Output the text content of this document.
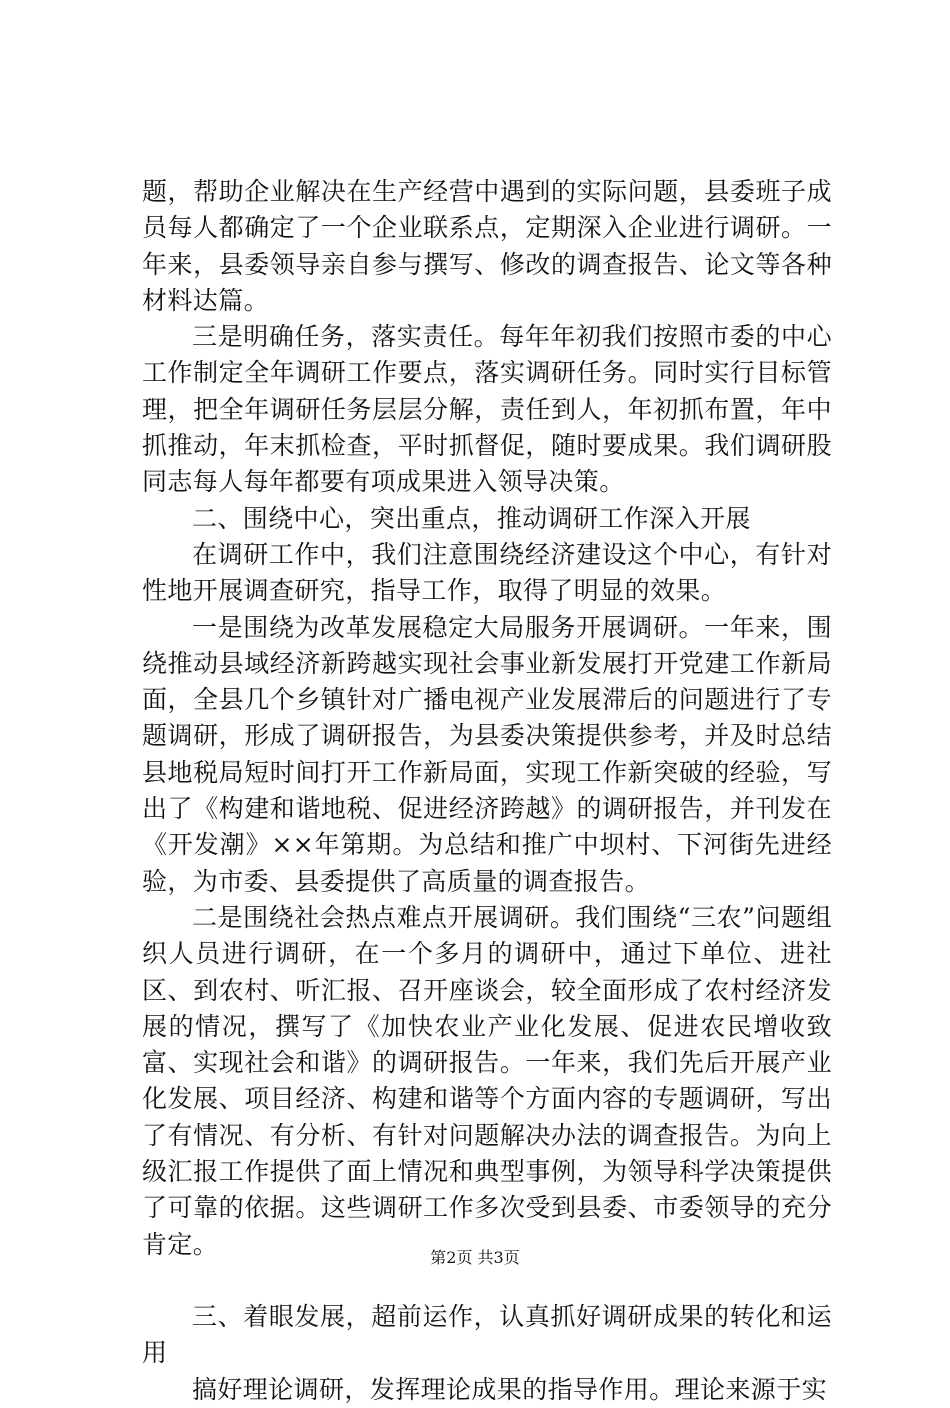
题，帮助企业解决在生产经营中遇到的实际问题，县委班子成员每人都确定了一个企业联系点，定期深入企业进行调研。一年来，县委领导亲自参与撰写、修改的调查报告、论文等各种材料达篇。

三是明确任务，落实责任。每年年初我们按照市委的中心工作制定全年调研工作要点，落实调研任务。同时实行目标管理，把全年调研任务层层分解，责任到人，年初抓布置，年中抓推动，年末抓检查，平时抓督促，随时要成果。我们调研股同志每人每年都要有项成果进入领导决策。

二、围绕中心，突出重点，推动调研工作深入开展

在调研工作中，我们注意围绕经济建设这个中心，有针对性地开展调查研究，指导工作，取得了明显的效果。

一是围绕为改革发展稳定大局服务开展调研。一年来，围绕推动县域经济新跨越实现社会事业新发展打开党建工作新局面，全县几个乡镇针对广播电视产业发展滞后的问题进行了专题调研，形成了调研报告，为县委决策提供参考，并及时总结县地税局短时间打开工作新局面，实现工作新突破的经验，写出了《构建和谐地税、促进经济跨越》的调研报告，并刊发在《开发潮》××年第期。为总结和推广中坝村、下河街先进经验，为市委、县委提供了高质量的调查报告。

二是围绕社会热点难点开展调研。我们围绕“三农”问题组织人员进行调研，在一个多月的调研中，通过下单位、进社区、到农村、听汇报、召开座谈会，较全面形成了农村经济发展的情况，撰写了《加快农业产业化发展、促进农民增收致富、实现社会和谐》的调研报告。一年来，我们先后开展产业化发展、项目经济、构建和谐等个方面内容的专题调研，写出了有情况、有分析、有针对问题解决办法的调查报告。为向上级汇报工作提供了面上情况和典型事例，为领导科学决策提供了可靠的依据。这些调研工作多次受到县委、市委领导的充分肯定。

三、着眼发展，超前运作，认真抓好调研成果的转化和运用

搞好理论调研，发挥理论成果的指导作用。理论来源于实

第2页 共3页
